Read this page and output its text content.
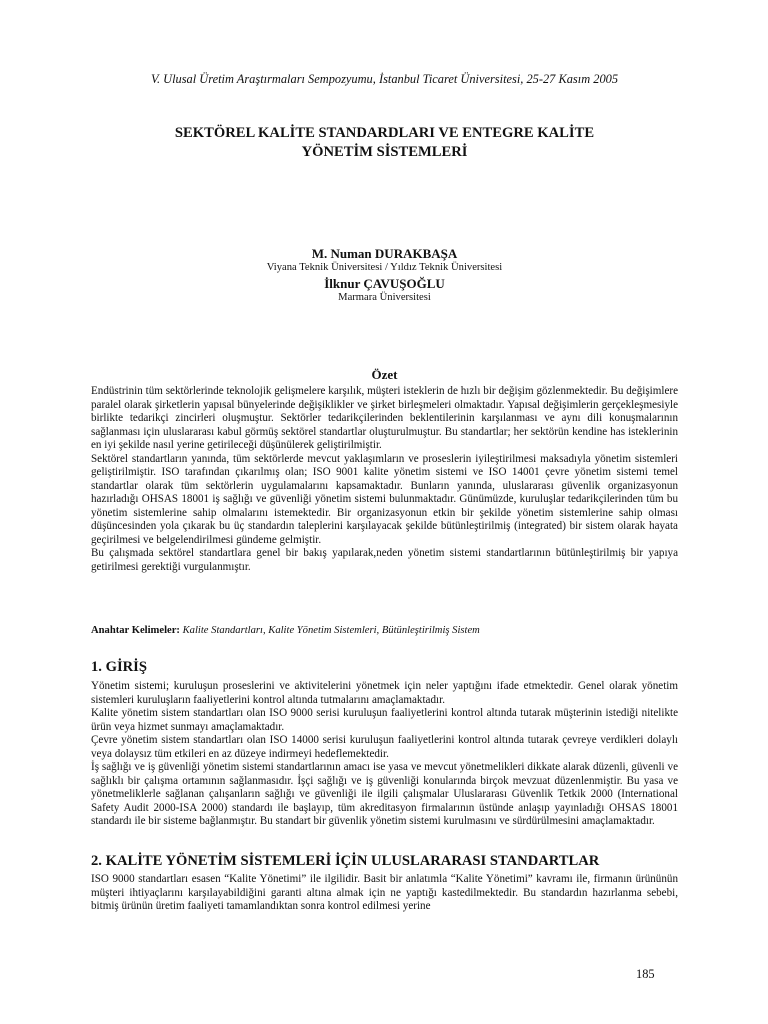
V. Ulusal Üretim Araştırmaları Sempozyumu, İstanbul Ticaret Üniversitesi, 25-27 Kasım 2005
SEKTÖREL KALİTE STANDARDLARI VE ENTEGRE KALİTE
YÖNETİM SİSTEMLERİ
M. Numan DURAKBAŞA
Viyana Teknik Üniversitesi / Yıldız Teknik Üniversitesi
İlknur ÇAVUŞOĞLU
Marmara Üniversitesi
Özet

Endüstrinin tüm sektörlerinde teknolojik gelişmelere karşılık, müşteri isteklerin de hızlı bir değişim gözlenmektedir. Bu değişimlere paralel olarak şirketlerin yapısal bünyelerinde değişiklikler ve şirket birleşmeleri olmaktadır. Yapısal değişimlerin gerçekleşmesiyle birlikte tedarikçi zincirleri oluşmuştur. Sektörler tedarikçilerinden beklentilerinin karşılanması ve aynı dili konuşmalarının sağlanması için uluslararası kabul görmüş sektörel standartlar oluşturulmuştur. Bu standartlar; her sektörün kendine has isteklerinin en iyi şekilde nasıl yerine getirileceği düşünülerek geliştirilmiştir.

Sektörel standartların yanında, tüm sektörlerde mevcut yaklaşımların ve proseslerin iyileştirilmesi maksadıyla yönetim sistemleri geliştirilmiştir. ISO tarafından çıkarılmış olan; ISO 9001 kalite yönetim sistemi ve ISO 14001 çevre yönetim sistemi temel standartlar olarak tüm sektörlerin uygulamalarını kapsamaktadır. Bunların yanında, uluslararası güvenlik organizasyonun hazırladığı OHSAS 18001 iş sağlığı ve güvenliği yönetim sistemi bulunmaktadır. Günümüzde, kuruluşlar tedarikçilerinden tüm bu yönetim sistemlerine sahip olmalarını istemektedir. Bir organizasyonun etkin bir şekilde yönetim sistemlerine sahip olması düşüncesinden yola çıkarak bu üç standardın taleplerini karşılayacak şekilde bütünleştirilmiş (integrated) bir sistem olarak hayata geçirilmesi ve belgelendirilmesi gündeme gelmiştir.

Bu çalışmada sektörel standartlara genel bir bakış yapılarak,neden yönetim sistemi standartlarının bütünleştirilmiş bir yapıya getirilmesi gerektiği vurgulanmıştır.

Anahtar Kelimeler: Kalite Standartları, Kalite Yönetim Sistemleri, Bütünleştirilmiş Sistem
1. GİRİŞ

Yönetim sistemi; kuruluşun proseslerini ve aktivitelerini yönetmek için neler yaptığını ifade etmektedir. Genel olarak yönetim sistemleri kuruluşların faaliyetlerini kontrol altında tutmalarını amaçlamaktadır.

Kalite yönetim sistem standartları olan ISO 9000 serisi kuruluşun faaliyetlerini kontrol altında tutarak müşterinin istediği nitelikte ürün veya hizmet sunmayı amaçlamaktadır.

Çevre yönetim sistem standartları olan ISO 14000 serisi kuruluşun faaliyetlerini kontrol altında tutarak çevreye verdikleri dolaylı veya dolaysız tüm etkileri en az düzeye indirmeyi hedeflemektedir.

İş sağlığı ve iş güvenliği yönetim sistemi standartlarının amacı ise yasa ve mevcut yönetmelikleri dikkate alarak düzenli, güvenli ve sağlıklı bir çalışma ortamının sağlanmasıdır. İşçi sağlığı ve iş güvenliği konularında birçok mevzuat düzenlenmiştir. Bu yasa ve yönetmeliklerle sağlanan çalışanların sağlığı ve güvenliği ile ilgili çalışmalar Uluslararası Güvenlik Tetkik 2000 (International Safety Audit 2000-ISA 2000) standardı ile başlayıp, tüm akreditasyon firmalarının üstünde anlaşıp yayınladığı OHSAS 18001 standardı ile bir sisteme bağlanmıştır. Bu standart bir güvenlik yönetim sistemi kurulmasını ve sürdürülmesini amaçlamaktadır.

2. KALİTE YÖNETİM SİSTEMLERİ İÇİN ULUSLARARASI STANDARTLAR

ISO 9000 standartları esasen “Kalite Yönetimi” ile ilgilidir. Basit bir anlatımla “Kalite Yönetimi” kavramı ile, firmanın ürününün müşteri ihtiyaçlarını karşılayabildiğini garanti altına almak için ne yaptığı kastedilmektedir. Bu standardın hazırlanma sebebi, bitmiş ürünün üretim faaliyeti tamamlandıktan sonra kontrol edilmesi yerine

185
